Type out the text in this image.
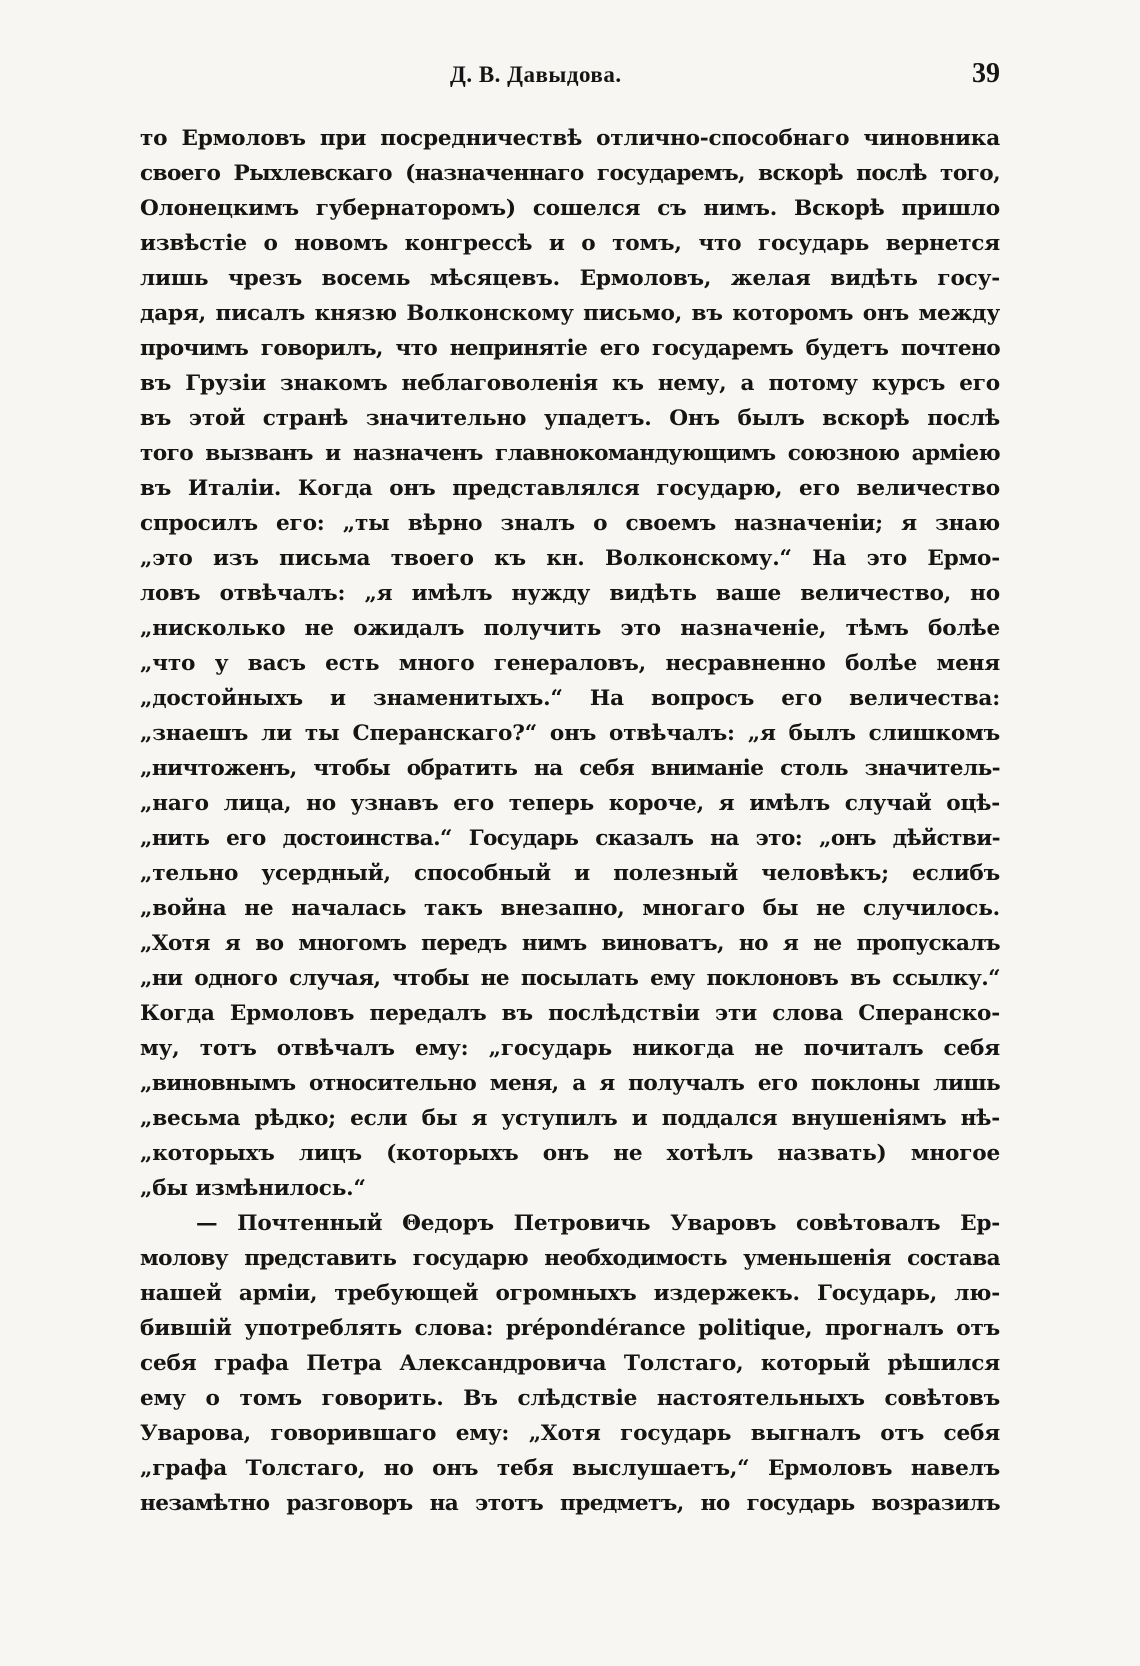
Д. В. Давыдова.	39
то Ермоловъ при посредничествѣ отлично-способнаго чиновника
своего Рыхлевскаго (назначеннаго государемъ, вскорѣ послѣ того,
Олонецкимъ губернаторомъ) сошелся съ нимъ. Вскорѣ пришло
извѣстіе о новомъ конгрессѣ и о томъ, что государь вернется
лишь чрезъ восемь мѣсяцевъ. Ермоловъ, желая видѣть госу-
даря, писалъ князю Волконскому письмо, въ которомъ онъ между
прочимъ говорилъ, что непринятіе его государемъ будетъ почтено
въ Грузіи знакомъ неблаговоленія къ нему, а потому курсъ его
въ этой странѣ значительно упадетъ. Онъ былъ вскорѣ послѣ
того вызванъ и назначенъ главнокомандующимъ союзною арміею
въ Италіи. Когда онъ представлялся государю, его величество
спросилъ его: „ты вѣрно зналъ о своемъ назначеніи; я знаю
„это изъ письма твоего къ кн. Волконскому.“ На это Ермо-
ловъ отвѣчалъ: „я имѣлъ нужду видѣть ваше величество, но
„нисколько не ожидалъ получить это назначеніе, тѣмъ болѣе
„что у васъ есть много генераловъ, несравненно болѣе меня
„достойныхъ и знаменитыхъ.“ На вопросъ его величества:
„знаешъ ли ты Сперанскаго?“ онъ отвѣчалъ: „я былъ слишкомъ
„ничтоженъ, чтобы обратить на себя вниманіе столь значитель-
„наго лица, но узнавъ его теперь короче, я имѣлъ случай оцѣ-
„нить его достоинства.“ Государь сказалъ на это: „онъ дѣйстви-
„тельно усердный, способный и полезный человѣкъ; еслибъ
„война не началась такъ внезапно, многаго бы не случилось.
„Хотя я во многомъ передъ нимъ виноватъ, но я не пропускалъ
„ни одного случая, чтобы не посылать ему поклоновъ въ ссылку.“
Когда Ермоловъ передалъ въ послѣдствіи эти слова Сперанско-
му, тотъ отвѣчалъ ему: „государь никогда не почиталъ себя
„виновнымъ относительно меня, а я получалъ его поклоны лишь
„весьма рѣдко; если бы я уступилъ и поддался внушеніямъ нѣ-
„которыхъ лицъ (которыхъ онъ не хотѣлъ назвать) многое
„бы измѣнилось.“
— Почтенный Θедоръ Петровичь Уваровъ совѣтовалъ Ер-
молову представить государю необходимость уменьшенія состава
нашей арміи, требующей огромныхъ издержекъ. Государь, лю-
бившій употреблять слова: prépondérance politique, прогналъ отъ
себя графа Петра Александровича Толстаго, который рѣшился
ему о томъ говорить. Въ слѣдствіе настоятельныхъ совѣтовъ
Уварова, говорившаго ему: „Хотя государь выгналъ отъ себя
„графа Толстаго, но онъ тебя выслушаетъ,“ Ермоловъ навелъ
незамѣтно разговоръ на этотъ предметъ, но государь возразилъ
